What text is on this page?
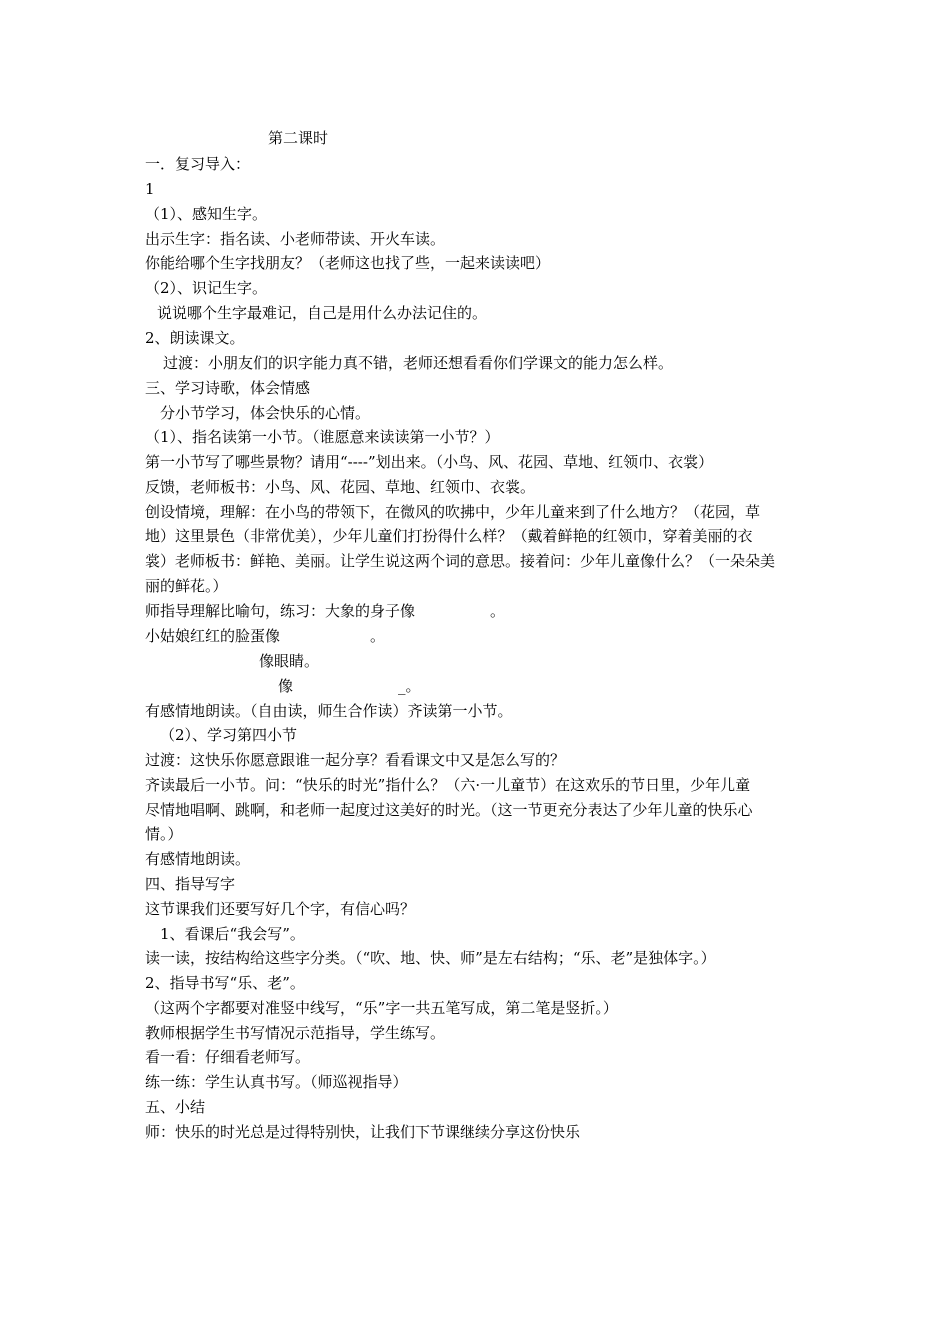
第二课时
一．复习导入：
1
（1）、感知生字。
出示生字：指名读、小老师带读、开火车读。
你能给哪个生字找朋友？（老师这也找了些，一起来读读吧）
（2）、识记生字。
说说哪个生字最难记，自己是用什么办法记住的。
2、朗读课文。
过渡：小朋友们的识字能力真不错，老师还想看看你们学课文的能力怎么样。
三、学习诗歌，体会情感
分小节学习，体会快乐的心情。
（1）、指名读第一小节。（谁愿意来读读第一小节？）
第一小节写了哪些景物？请用“----”划出来。（小鸟、风、花园、草地、红领巾、衣裳）
反馈，老师板书：小鸟、风、花园、草地、红领巾、衣裳。
创设情境，理解：在小鸟的带领下，在微风的吹拂中，少年儿童来到了什么地方？（花园，草
地）这里景色（非常优美），少年儿童们打扮得什么样？（戴着鲜艳的红领巾，穿着美丽的衣
裳）老师板书：鲜艳、美丽。让学生说这两个词的意思。接着问：少年儿童像什么？（一朵朵美
丽的鲜花。）
师指导理解比喻句，练习：大象的身子像　　　　　。
小姑娘红红的脸蛋像　　　　　　。
像眼睛。
像　　　　　　　_。
有感情地朗读。（自由读，师生合作读）齐读第一小节。
（2）、学习第四小节
过渡：这快乐你愿意跟谁一起分享？看看课文中又是怎么写的？
齐读最后一小节。问：“快乐的时光”指什么？（六·一儿童节）在这欢乐的节日里，少年儿童
尽情地唱啊、跳啊，和老师一起度过这美好的时光。（这一节更充分表达了少年儿童的快乐心
情。）
有感情地朗读。
四、指导写字
这节课我们还要写好几个字，有信心吗？
1、看课后“我会写”。
读一读，按结构给这些字分类。（“吹、地、快、师”是左右结构；“乐、老”是独体字。）
2、指导书写“乐、老”。
（这两个字都要对准竖中线写，“乐”字一共五笔写成，第二笔是竖折。）
教师根据学生书写情况示范指导，学生练写。
看一看：仔细看老师写。
练一练：学生认真书写。（师巡视指导）
五、小结
师：快乐的时光总是过得特别快，让我们下节课继续分享这份快乐
